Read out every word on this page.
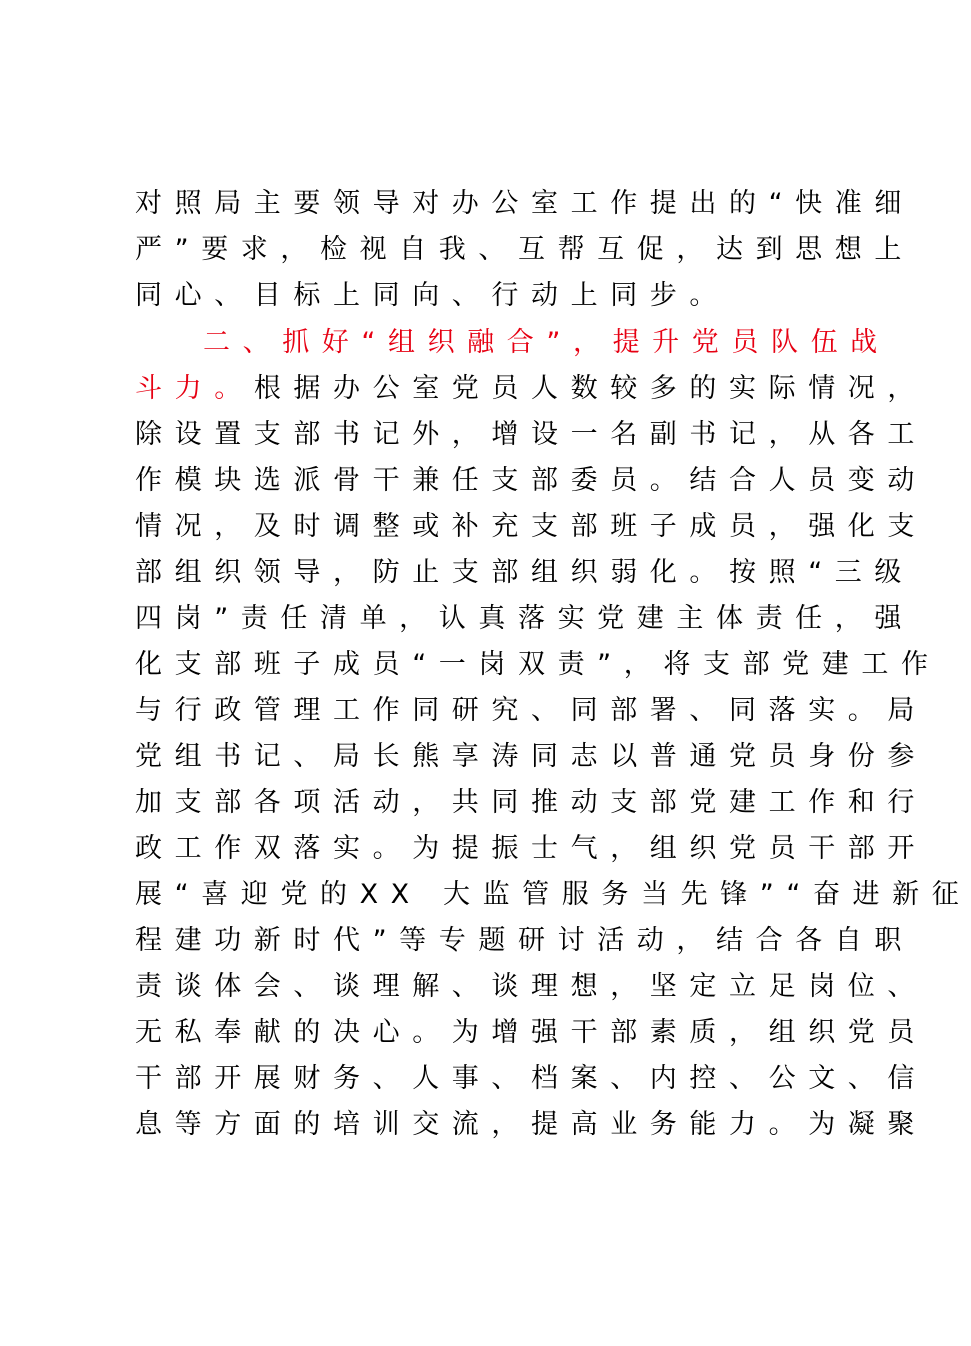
对照局主要领导对办公室工作提出的“快准细
严”要求，检视自我、互帮互促，达到思想上
同心、目标上同向、行动上同步。
二、抓好“组织融合”，提升党员队伍战
斗力。根据办公室党员人数较多的实际情况，
除设置支部书记外，增设一名副书记，从各工
作模块选派骨干兼任支部委员。结合人员变动
情况，及时调整或补充支部班子成员，强化支
部组织领导，防止支部组织弱化。按照“三级
四岗”责任清单，认真落实党建主体责任，强
化支部班子成员“一岗双责”，将支部党建工作
与行政管理工作同研究、同部署、同落实。局
党组书记、局长熊享涛同志以普通党员身份参
加支部各项活动，共同推动支部党建工作和行
政工作双落实。为提振士气，组织党员干部开
展“喜迎党的XX 大监管服务当先锋”“奋进新征
程建功新时代”等专题研讨活动，结合各自职
责谈体会、谈理解、谈理想，坚定立足岗位、
无私奉献的决心。为增强干部素质，组织党员
干部开展财务、人事、档案、内控、公文、信
息等方面的培训交流，提高业务能力。为凝聚
